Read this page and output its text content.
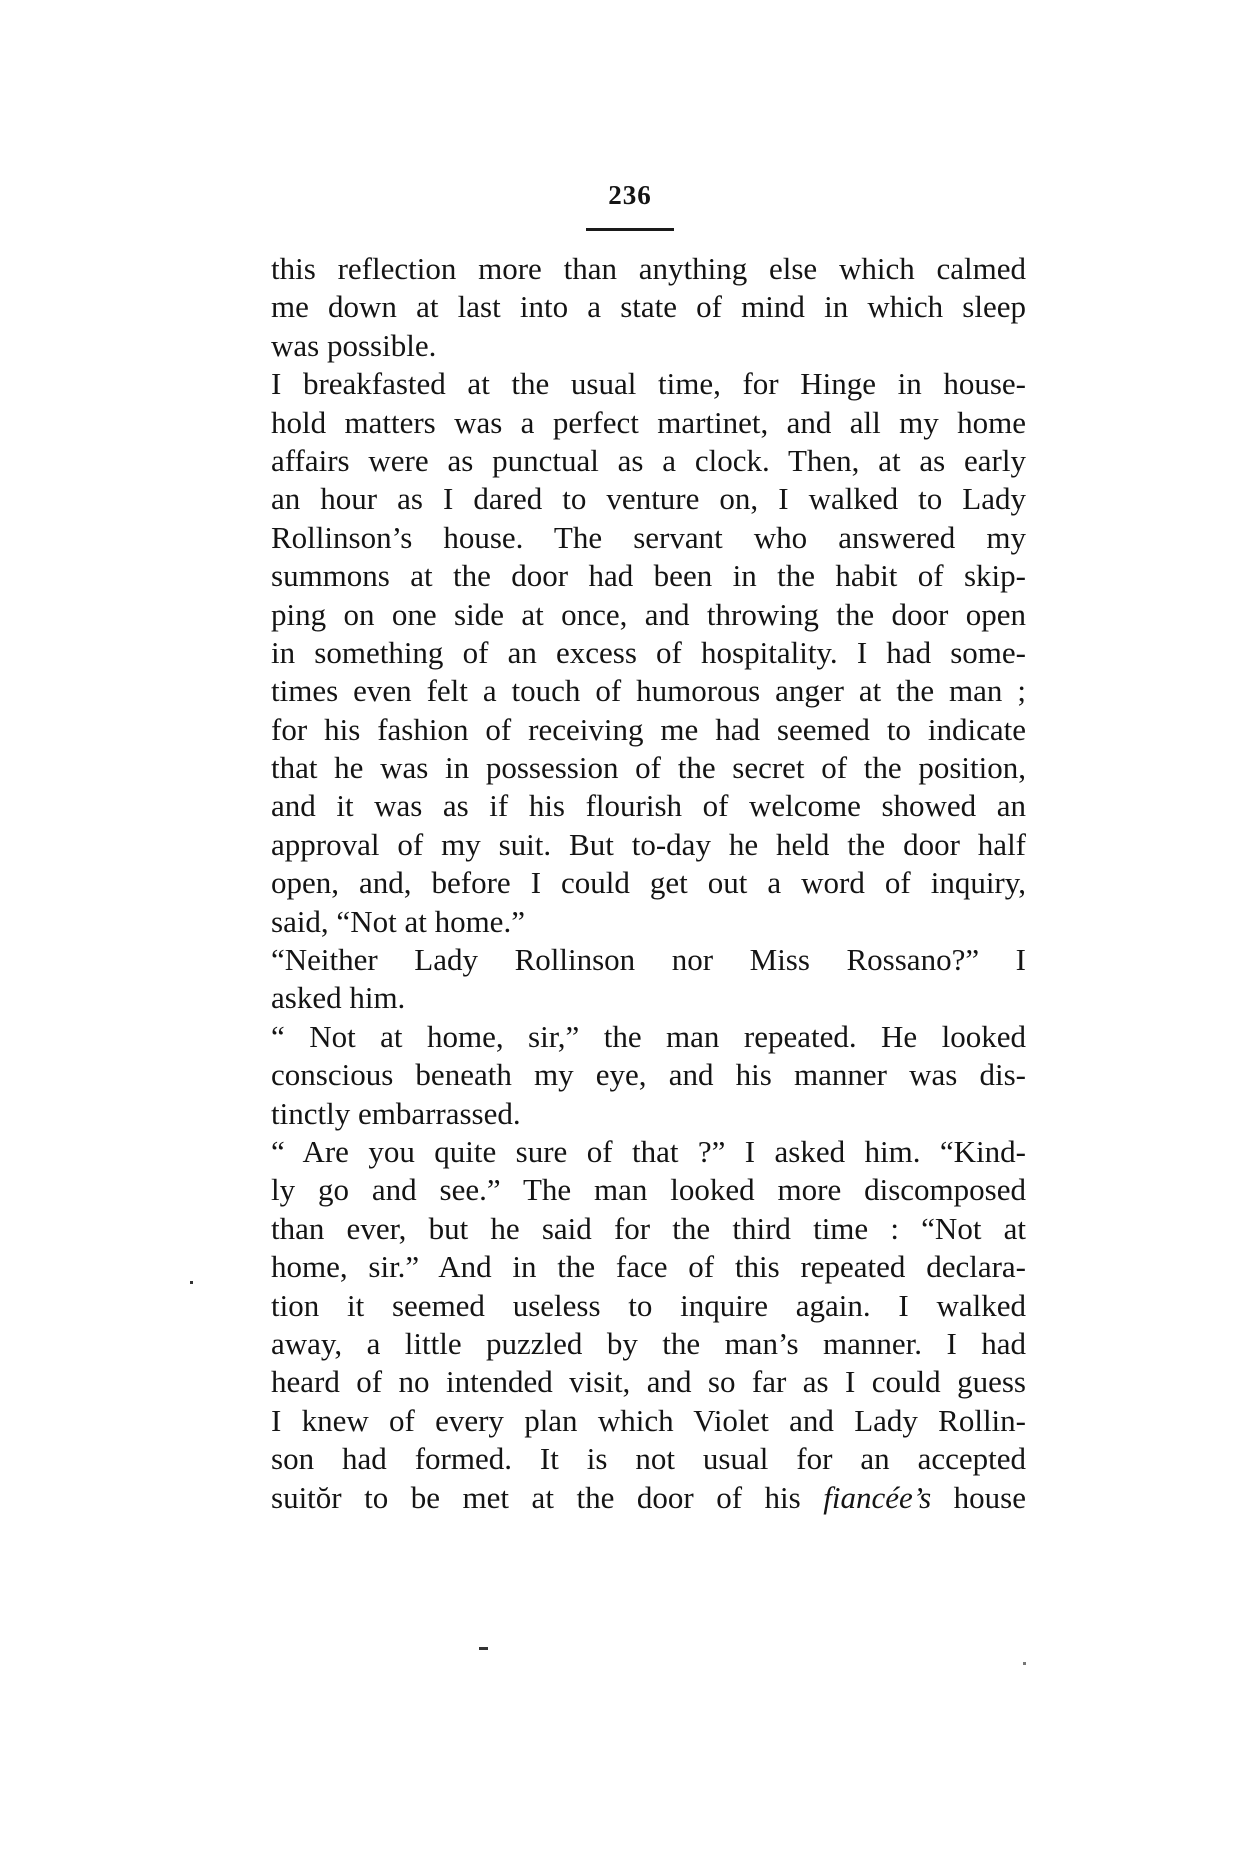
236
this reflection more than anything else which calmed
me down at last into a state of mind in which sleep
was possible.
I breakfasted at the usual time, for Hinge in house-
hold matters was a perfect martinet, and all my home
affairs were as punctual as a clock. Then, at as early
an hour as I dared to venture on, I walked to Lady
Rollinson’s house. The servant who answered my
summons at the door had been in the habit of skip-
ping on one side at once, and throwing the door open
in something of an excess of hospitality. I had some-
times even felt a touch of humorous anger at the man ;
for his fashion of receiving me had seemed to indicate
that he was in possession of the secret of the position,
and it was as if his flourish of welcome showed an
approval of my suit. But to-day he held the door half
open, and, before I could get out a word of inquiry,
said, “Not at home.”
“Neither Lady Rollinson nor Miss Rossano?” I
asked him.
“ Not at home, sir,” the man repeated. He looked
conscious beneath my eye, and his manner was dis-
tinctly embarrassed.
“ Are you quite sure of that ?” I asked him. “Kind-
ly go and see.” The man looked more discomposed
than ever, but he said for the third time : “Not at
home, sir.” And in the face of this repeated declara-
tion it seemed useless to inquire again. I walked
away, a little puzzled by the man’s manner. I had
heard of no intended visit, and so far as I could guess
I knew of every plan which Violet and Lady Rollin-
son had formed. It is not usual for an accepted
suitŏr to be met at the door of his fiancée’s house
